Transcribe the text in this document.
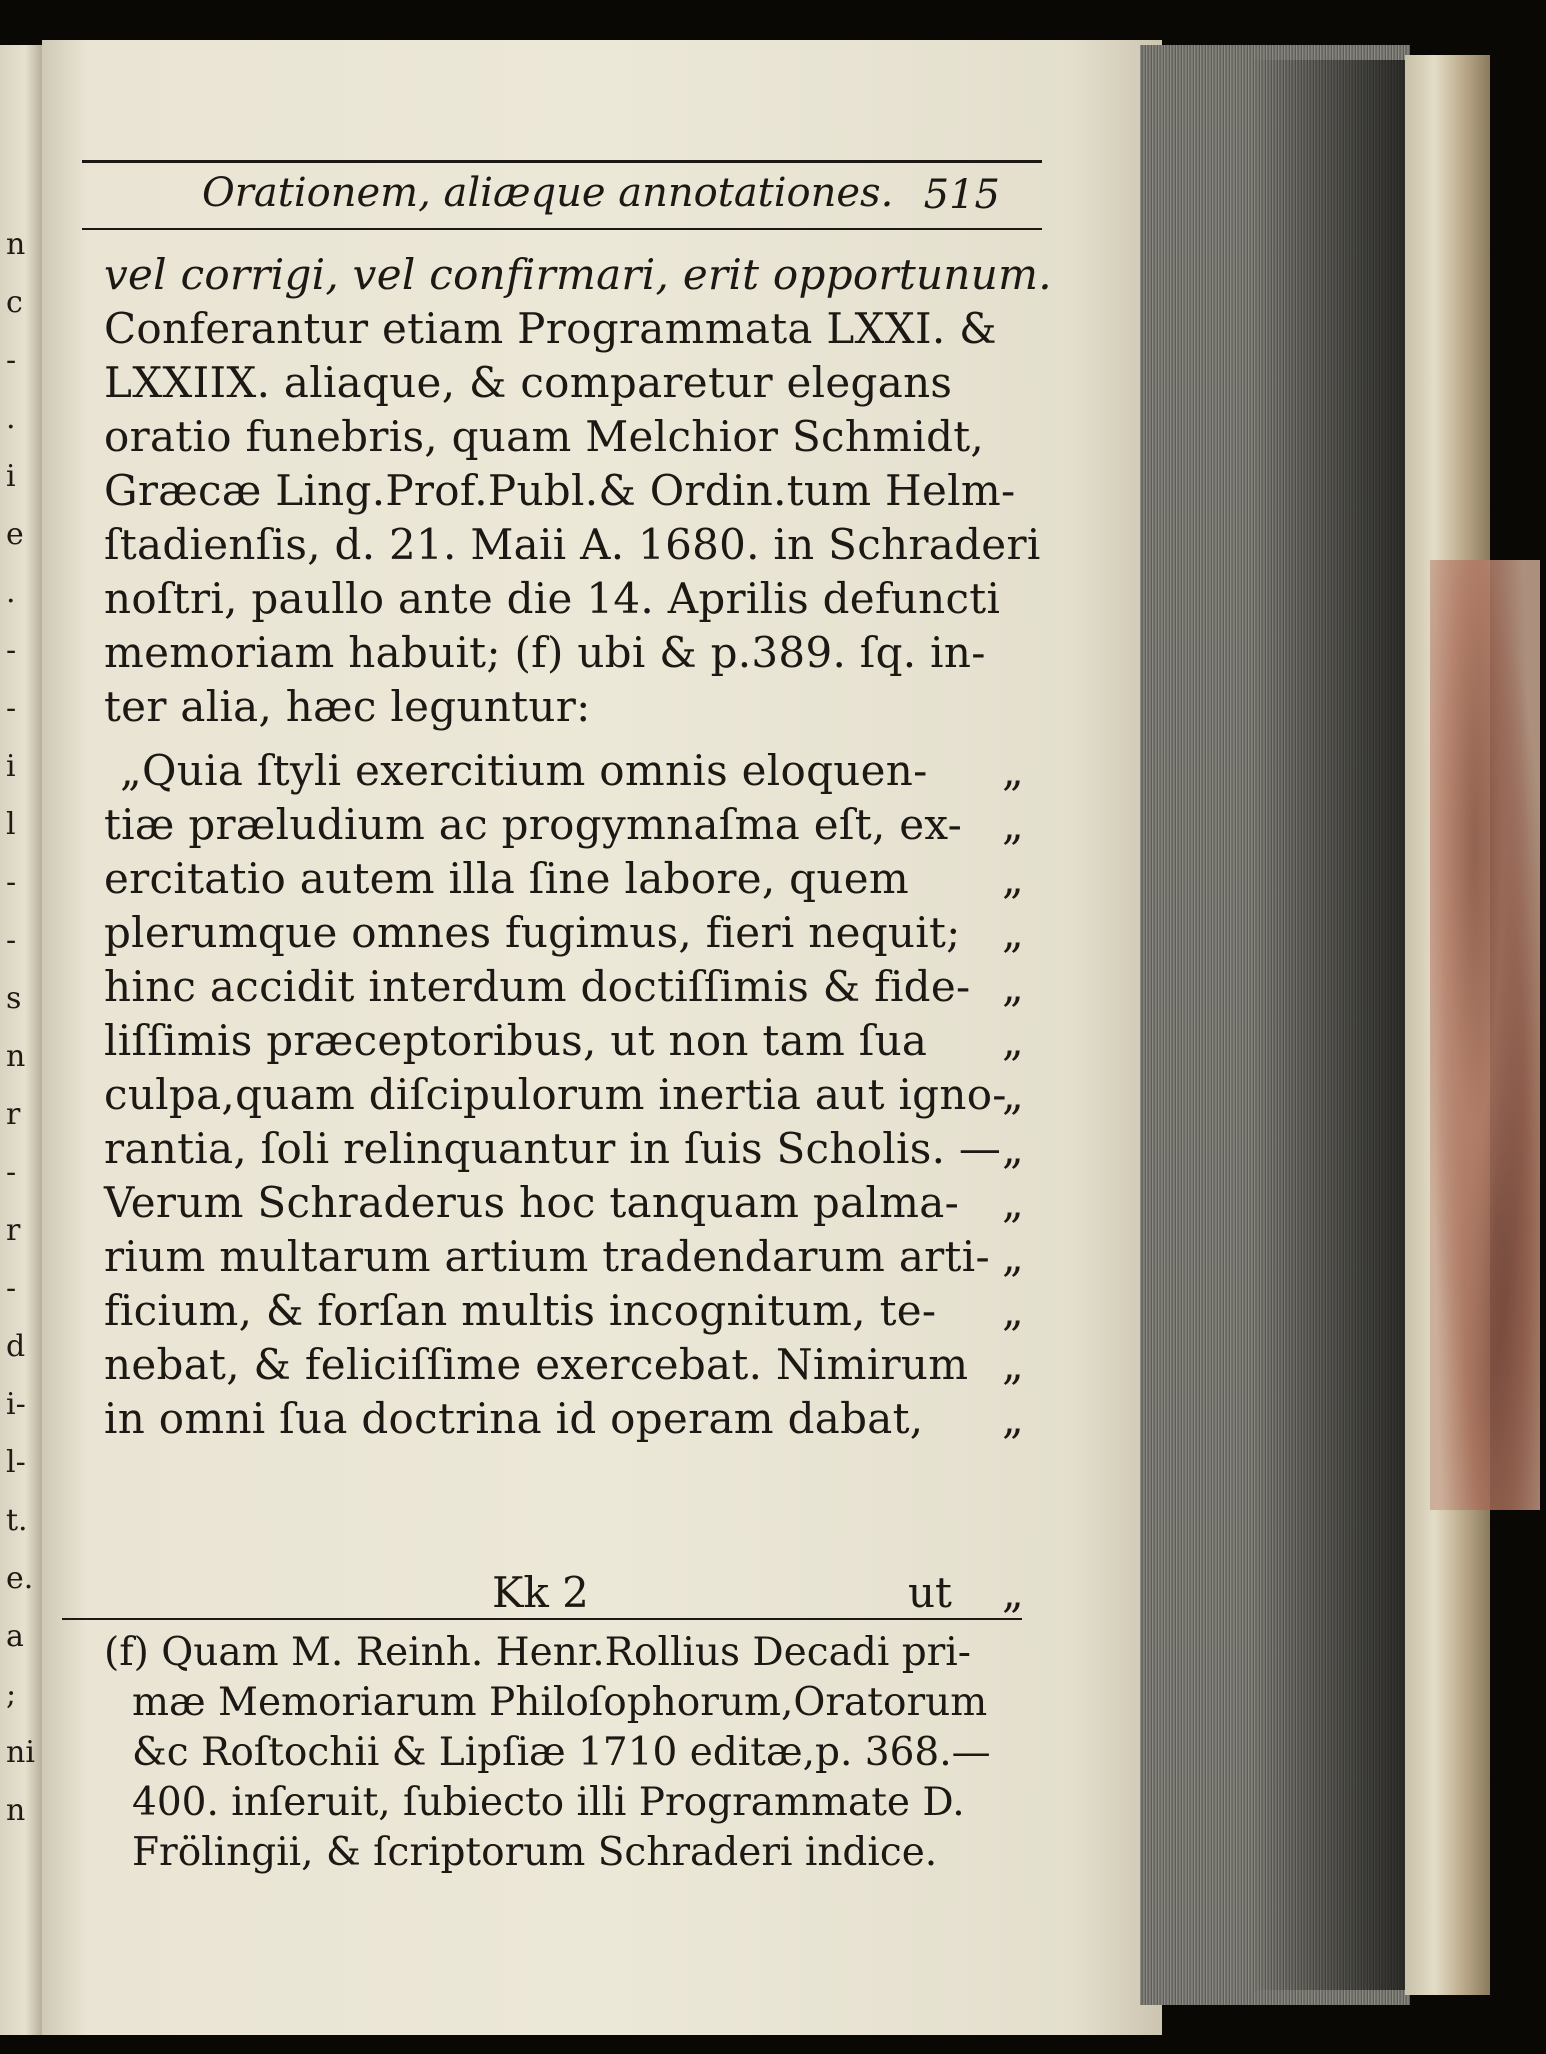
n
c
-
.
i
e
.
-
-
i
l
-
-
s
n
r
-
r
-
d
i-
l-
t.
e.
a
;
ni
n
Orationem, aliæque annotationes. 515
vel corrigi, vel confirmari, erit opportunum.
Conferantur etiam Programmata LXXI. &
LXXIIX. aliaque, & comparetur elegans
oratio funebris, quam Melchior Schmidt,
Græcæ Ling.Prof.Publ.& Ordin.tum Helm-
ſtadienſis, d. 21. Maii A. 1680. in Schraderi
noſtri, paullo ante die 14. Aprilis defuncti
memoriam habuit; (f) ubi & p.389. ſq. in-
ter alia, hæc leguntur:
„Quia ſtyli exercitium omnis eloquen-
tiæ præludium ac progymnaſma eſt, ex-
ercitatio autem illa ſine labore, quem
plerumque omnes fugimus, fieri nequit;
hinc accidit interdum doctiſſimis & fide-
liſſimis præceptoribus, ut non tam ſua
culpa,quam diſcipulorum inertia aut igno-
rantia, ſoli relinquantur in ſuis Scholis. —
Verum Schraderus hoc tanquam palma-
rium multarum artium tradendarum arti-
ficium, & forſan multis incognitum, te-
nebat, & feliciſſime exercebat. Nimirum
in omni ſua doctrina id operam dabat,
„
„
„
„
„
„
„
„
„
„
„
„
„
Kk 2	ut „
(f) Quam M. Reinh. Henr.Rollius Decadi pri-
mæ Memoriarum Philoſophorum,Oratorum
&c Roſtochii & Lipſiæ 1710 editæ,p. 368.—
400. inſeruit, ſubiecto illi Programmate D.
Frölingii, & ſcriptorum Schraderi indice.
